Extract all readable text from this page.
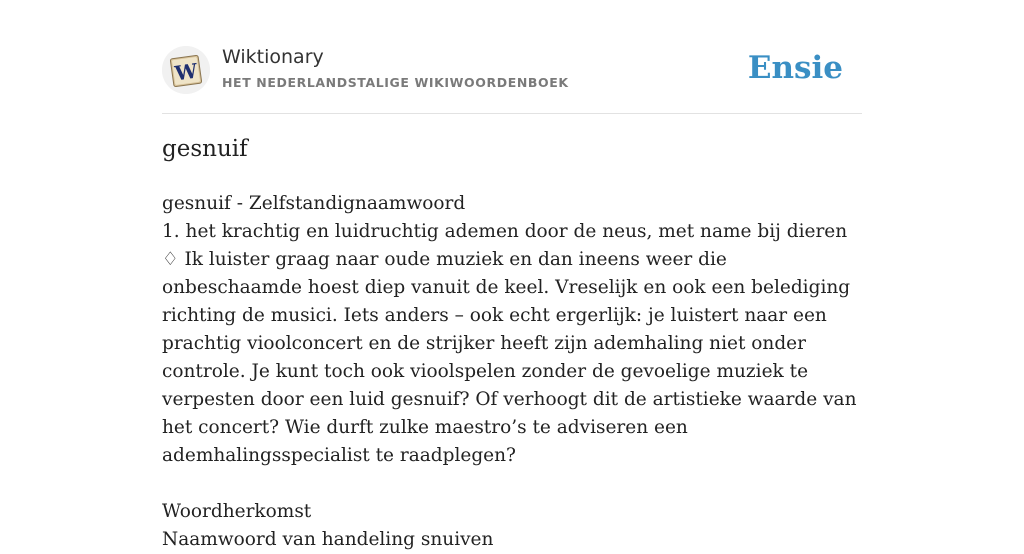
W
Wiktionary
HET NEDERLANDSTALIGE WIKIWOORDENBOEK	Ensie
gesnuif
gesnuif - Zelfstandignaamwoord
1. het krachtig en luidruchtig ademen door de neus, met name bij dieren
♢ Ik luister graag naar oude muziek en dan ineens weer die onbeschaamde hoest diep vanuit de keel. Vreselijk en ook een belediging richting de musici. Iets anders – ook echt ergerlijk: je luistert naar een prachtig vioolconcert en de strijker heeft zijn ademhaling niet onder controle. Je kunt toch ook vioolspelen zonder de gevoelige muziek te verpesten door een luid gesnuif? Of verhoogt dit de artistieke waarde van het concert? Wie durft zulke maestro’s te adviseren een ademhalingsspecialist te raadplegen?
Woordherkomst
Naamwoord van handeling snuiven
